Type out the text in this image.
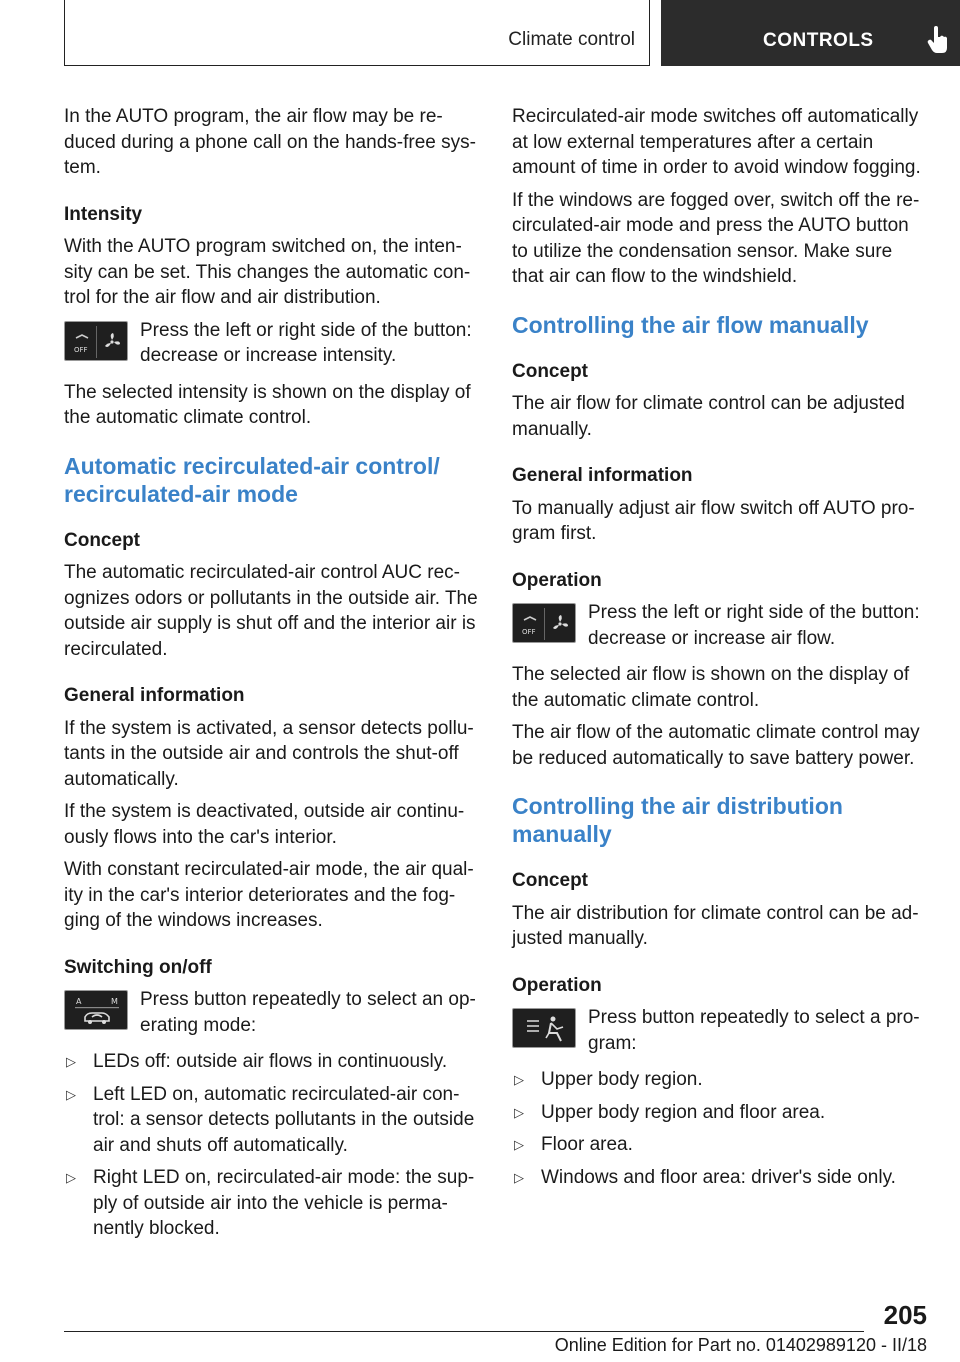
Climate control	CONTROLS

In the AUTO program, the air flow may be re-duced during a phone call on the hands-free sys-tem.

Intensity

With the AUTO program switched on, the inten-sity can be set. This changes the automatic con-trol for the air flow and air distribution.

OFF
Press the left or right side of the button: decrease or increase intensity.

The selected intensity is shown on the display of the automatic climate control.

Automatic recirculated-air control/ recirculated-air mode
Concept

The automatic recirculated-air control AUC rec-ognizes odors or pollutants in the outside air. The outside air supply is shut off and the interior air is recirculated.

General information

If the system is activated, a sensor detects pollu-tants in the outside air and controls the shut-off automatically.

If the system is deactivated, outside air continu-ously flows into the car's interior.

With constant recirculated-air mode, the air qual-ity in the car's interior deteriorates and the fog-ging of the windows increases.

Switching on/off
A	M Press button repeatedly to select an op-erating mode:
▷ LEDs off: outside air flows in continuously.
▷ Left LED on, automatic recirculated-air con-trol: a sensor detects pollutants in the outside air and shuts off automatically.
▷ Right LED on, recirculated-air mode: the sup-ply of outside air into the vehicle is perma-nently blocked.

Recirculated-air mode switches off automatically at low external temperatures after a certain amount of time in order to avoid window fogging.

If the windows are fogged over, switch off the re-circulated-air mode and press the AUTO button to utilize the condensation sensor. Make sure that air can flow to the windshield.

Controlling the air flow manually
Concept

The air flow for climate control can be adjusted manually.

General information

To manually adjust air flow switch off AUTO pro-gram first.

Operation
OFF
Press the left or right side of the button: decrease or increase air flow.

The selected air flow is shown on the display of the automatic climate control.

The air flow of the automatic climate control may be reduced automatically to save battery power.

Controlling the air distribution manually
Concept

The air distribution for climate control can be ad-justed manually.

Operation
Press button repeatedly to select a pro-gram:
▷ Upper body region.
▷ Upper body region and floor area.
▷ Floor area.
▷ Windows and floor area: driver's side only.
205
Online Edition for Part no. 01402989120 - II/18
